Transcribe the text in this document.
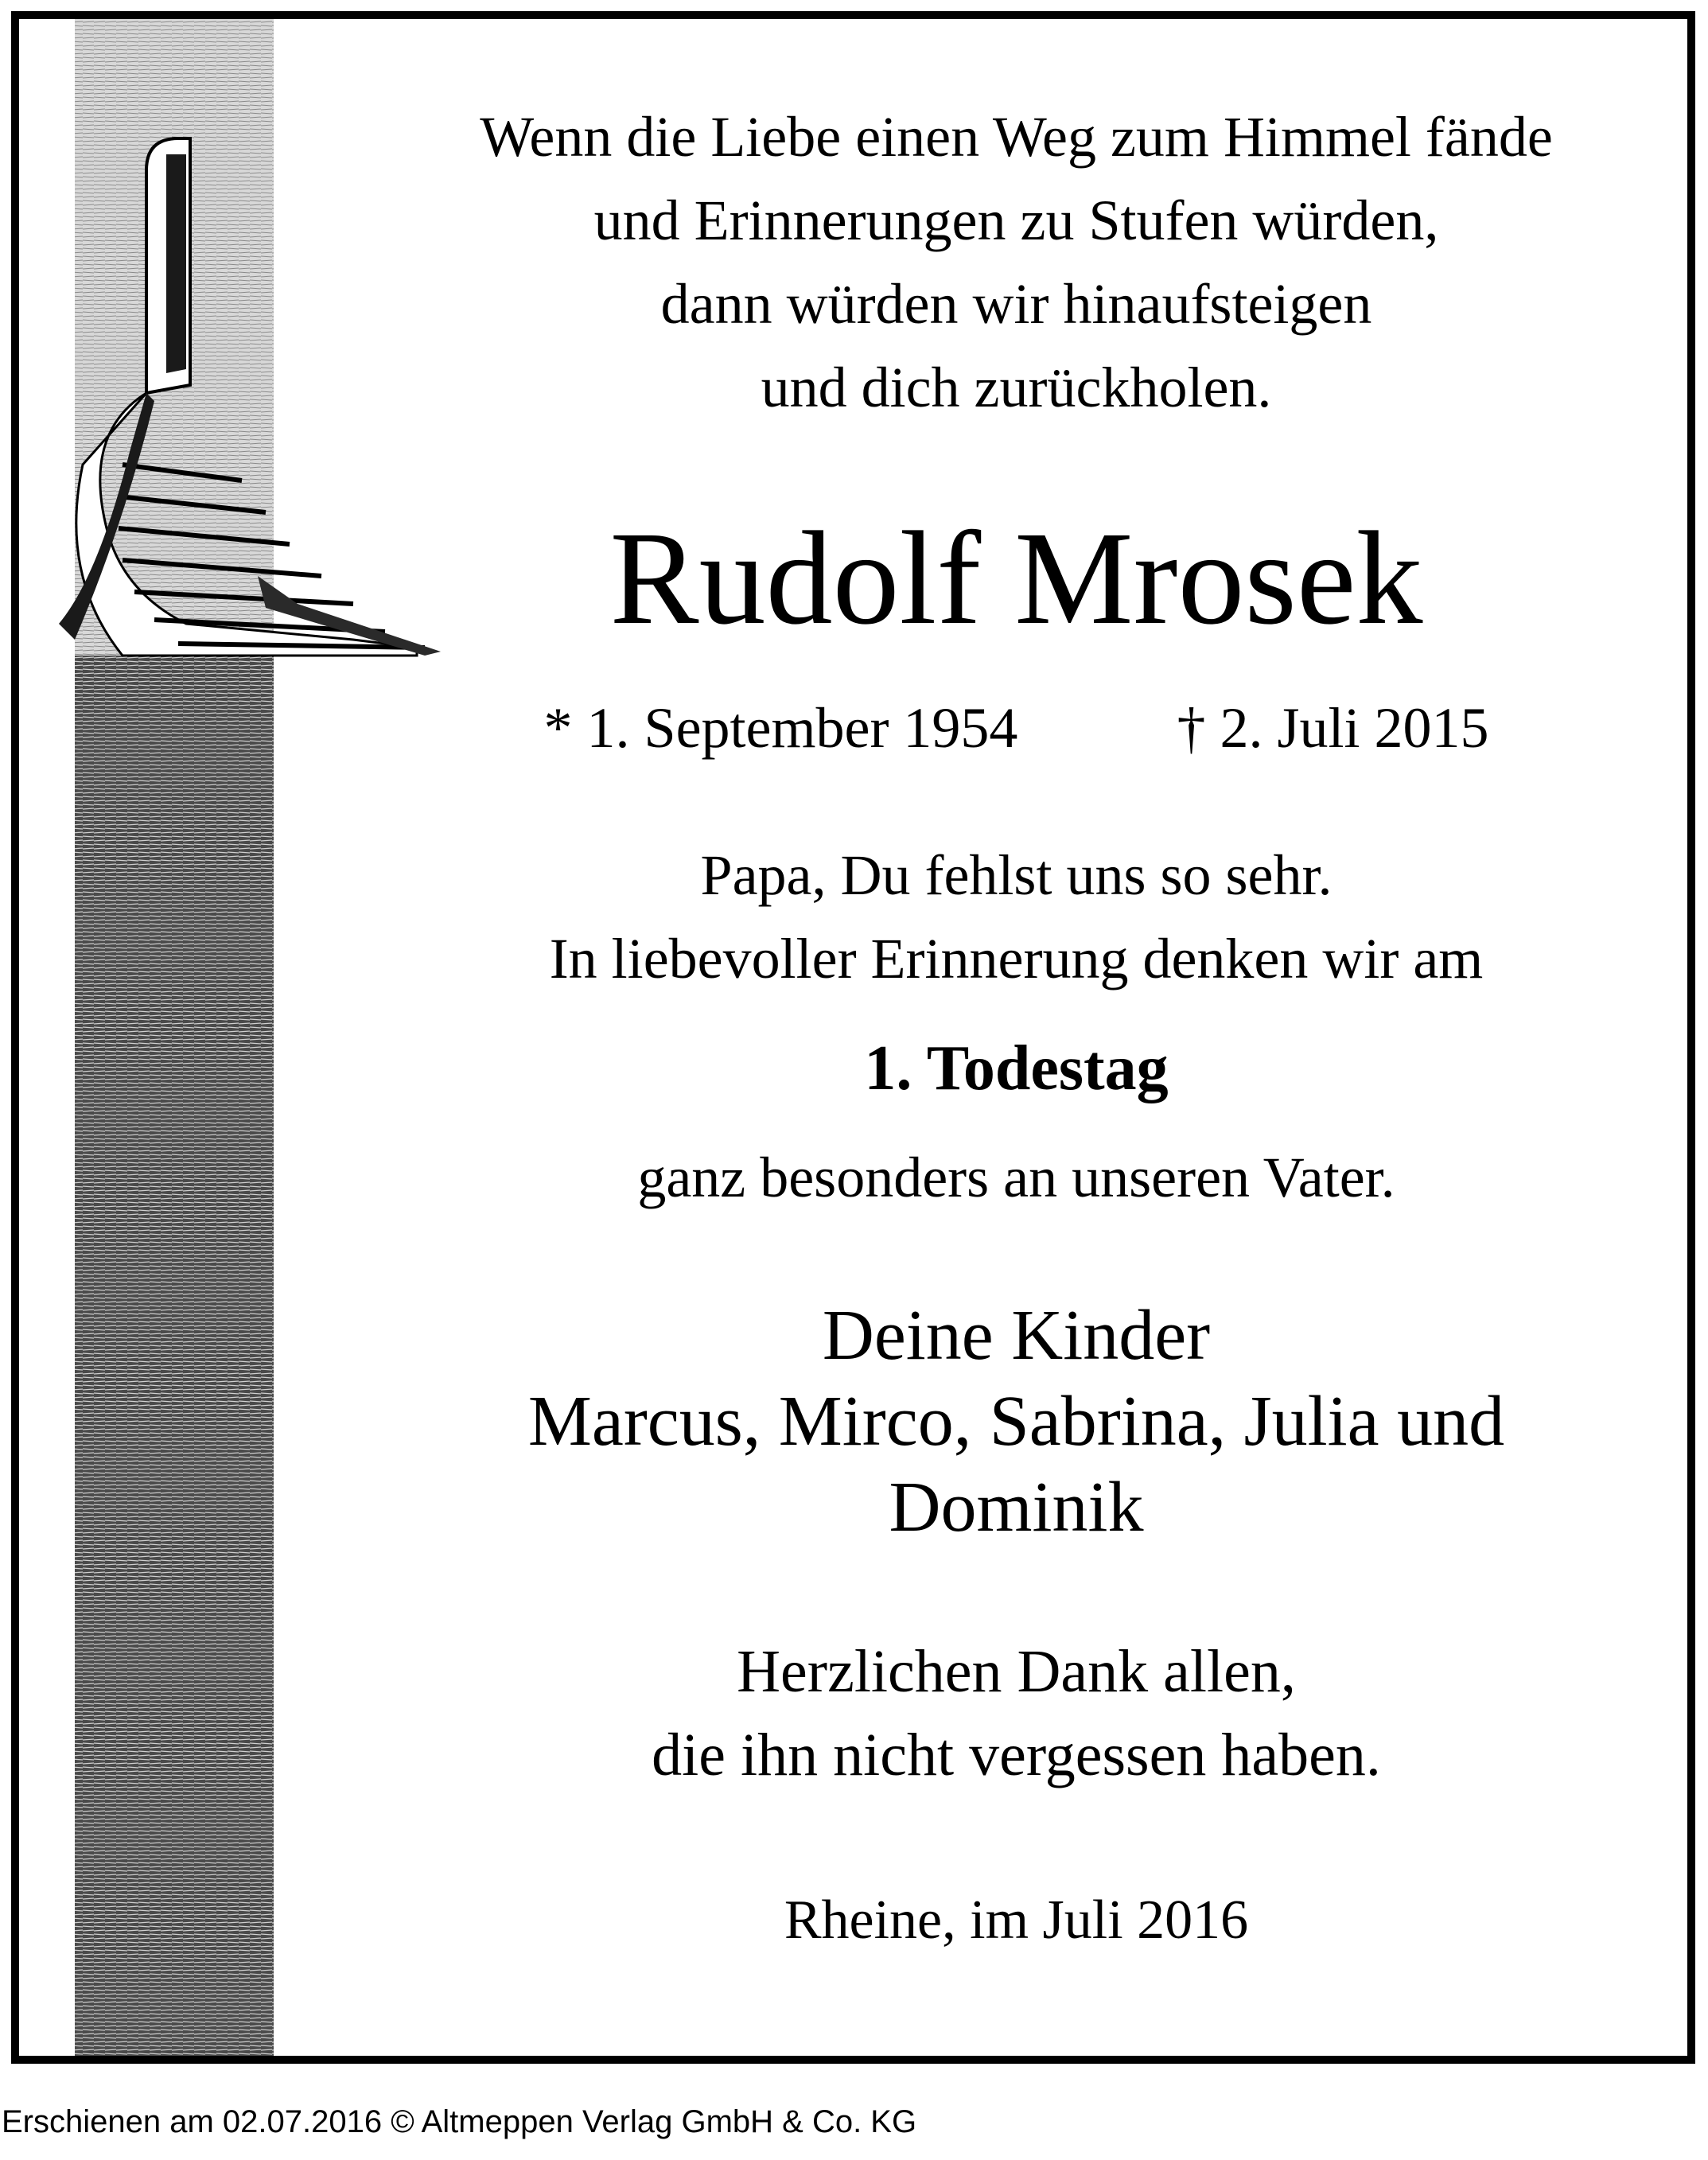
Wenn die Liebe einen Weg zum Himmel fände
und Erinnerungen zu Stufen würden,
dann würden wir hinaufsteigen
und dich zurückholen.
Rudolf Mrosek
* 1. September 1954	† 2. Juli 2015
Papa, Du fehlst uns so sehr.
In liebevoller Erinnerung denken wir am
1. Todestag
ganz besonders an unseren Vater.
Deine Kinder
Marcus, Mirco, Sabrina, Julia und
Dominik
Herzlichen Dank allen,
die ihn nicht vergessen haben.
Rheine, im Juli 2016
Erschienen am 02.07.2016 © Altmeppen Verlag GmbH & Co. KG
